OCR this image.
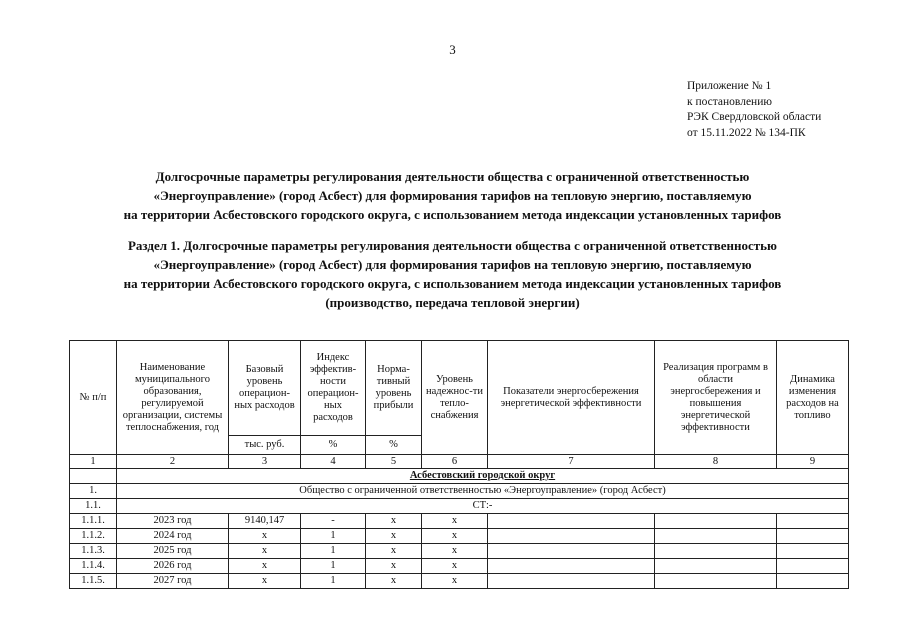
3
Приложение № 1
к постановлению
РЭК Свердловской области
от 15.11.2022 № 134-ПК
Долгосрочные параметры регулирования деятельности общества с ограниченной ответственностью
«Энергоуправление» (город Асбест) для формирования тарифов на тепловую энергию, поставляемую
на территории Асбестовского городского округа, с использованием метода индексации установленных тарифов
Раздел 1. Долгосрочные параметры регулирования деятельности общества с ограниченной ответственностью
«Энергоуправление» (город Асбест) для формирования тарифов на тепловую энергию, поставляемую
на территории Асбестовского городского округа, с использованием метода индексации установленных тарифов
(производство, передача тепловой энергии)
№ п/п	Наименование муниципального образования, регулируемой организации, системы теплоснабжения, год	Базовый уровень операцион-ных расходов	Индекс эффектив-ности операцион-ных расходов	Норма-тивный уровень прибыли	Уровень надежнос-ти тепло-снабжения	Показатели энергосбережения энергетической эффективности	Реализация программ в области энергосбережения и повышения энергетической эффективности	Динамика изменения расходов на топливо
		тыс. руб.	%	%				
1	2	3	4	5	6	7	8	9
	Асбестовский городской округ							
1.	Общество с ограниченной ответственностью «Энергоуправление» (город Асбест)							
1.1.	СТ:-							
1.1.1.	2023 год	9140,147	-	х	х			
1.1.2.	2024 год	х	1	х	х			
1.1.3.	2025 год	х	1	х	х			
1.1.4.	2026 год	х	1	х	х			
1.1.5.	2027 год	х	1	х	х			
